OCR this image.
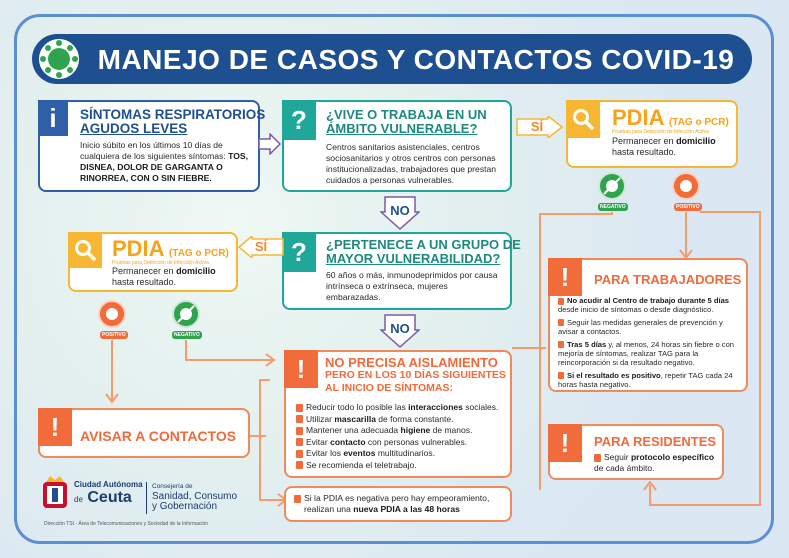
MANEJO DE CASOS Y CONTACTOS COVID-19
i	SÍNTOMAS RESPIRATORIOS
AGUDOS LEVES
Inicio súbito en los últimos 10 días de cualquiera de los siguientes síntomas: TOS, DISNEA, DOLOR DE GARGANTA O RINORREA, CON O SIN FIEBRE.
?	¿VIVE O TRABAJA EN UN
ÁMBITO VULNERABLE?
Centros sanitarios asistenciales, centros sociosanitarios y otros centros con personas institucionalizadas, trabajadores que prestan cuidados a personas vulnerables.
SÍ	PDIA (TAG o PCR)
Pruebas para Detección de Infección Activa
Permanecer en domicilio hasta resultado.
NEGATIVO	POSITIVO
NO
?	¿PERTENECE A UN GRUPO DE
MAYOR VULNERABILIDAD?
60 años o más, inmunodeprimidos por causa intrínseca o extrínseca, mujeres embarazadas.
SÍ
PDIA (TAG o PCR)
Pruebas para Detección de Infección Activa
Permanecer en domicilio hasta resultado.
POSITIVO	NEGATIVO	NO
!	NO PRECISA AISLAMIENTO
PERO EN LOS 10 DÍAS SIGUIENTES
AL INICIO DE SÍNTOMAS:
Reducir todo lo posible las interacciones sociales.
Utilizar mascarilla de forma constante.
Mantener una adecuada higiene de manos.
Evitar contacto con personas vulnerables.
Evitar los eventos multitudinarios.
Se recomienda el teletrabajo.
!	AVISAR A CONTACTOS
!	PARA TRABAJADORES
No acudir al Centro de trabajo durante 5 días desde inicio de síntomas o desde diagnóstico.
Seguir las medidas generales de prevención y avisar a contactos.
Tras 5 días y, al menos, 24 horas sin fiebre o con mejoría de síntomas, realizar TAG para la reincorporación si da resultado negativo.
Si el resultado es positivo, repetir TAG cada 24 horas hasta negativo.
!	PARA RESIDENTES
Seguir protocolo específico de cada ámbito.
Si la PDIA es negativa pero hay empeoramiento,
realizan una nueva PDIA a las 48 horas
Ciudad Autónoma
de Ceuta
Consejería de
Sanidad, Consumo
y Gobernación
Dirección TSI - Área de Telecomunicaciones y Sociedad de la Información
